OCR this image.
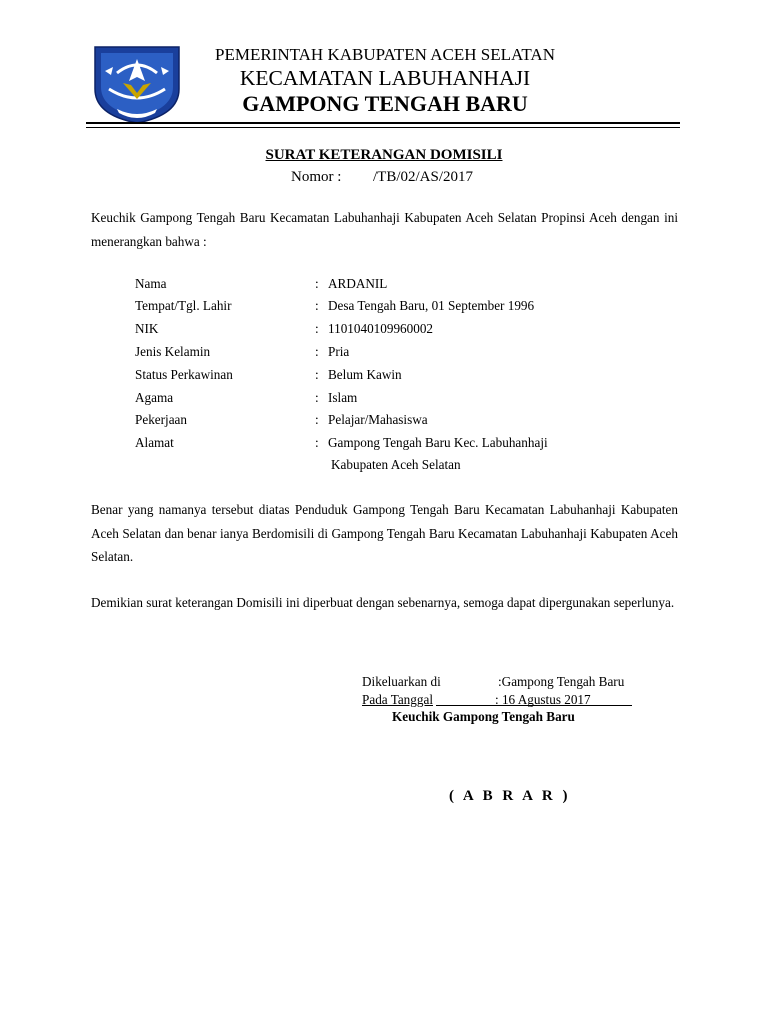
PEMERINTAH KABUPATEN ACEH SELATAN
KECAMATAN LABUHANHAJI
GAMPONG TENGAH BARU
SURAT KETERANGAN DOMISILI
Nomor : /TB/02/AS/2017
Keuchik Gampong Tengah Baru Kecamatan Labuhanhaji Kabupaten Aceh Selatan Propinsi Aceh dengan ini menerangkan bahwa :
Nama	: ARDANIL
Tempat/Tgl. Lahir	: Desa Tengah Baru, 01 September 1996
NIK	: 1101040109960002
Jenis Kelamin	: Pria
Status Perkawinan	: Belum Kawin
Agama	: Islam
Pekerjaan	: Pelajar/Mahasiswa
Alamat	: Gampong Tengah Baru Kec. Labuhanhaji
Kabupaten Aceh Selatan
Benar yang namanya tersebut diatas Penduduk Gampong Tengah Baru Kecamatan Labuhanhaji Kabupaten Aceh Selatan dan benar ianya Berdomisili di Gampong Tengah Baru Kecamatan Labuhanhaji Kabupaten Aceh Selatan.
Demikian surat keterangan Domisili ini diperbuat dengan sebenarnya, semoga dapat dipergunakan seperlunya.
Dikeluarkan di	:Gampong Tengah Baru
Pada Tanggal	: 16 Agustus 2017
Keuchik Gampong Tengah Baru
( A B R A R )
